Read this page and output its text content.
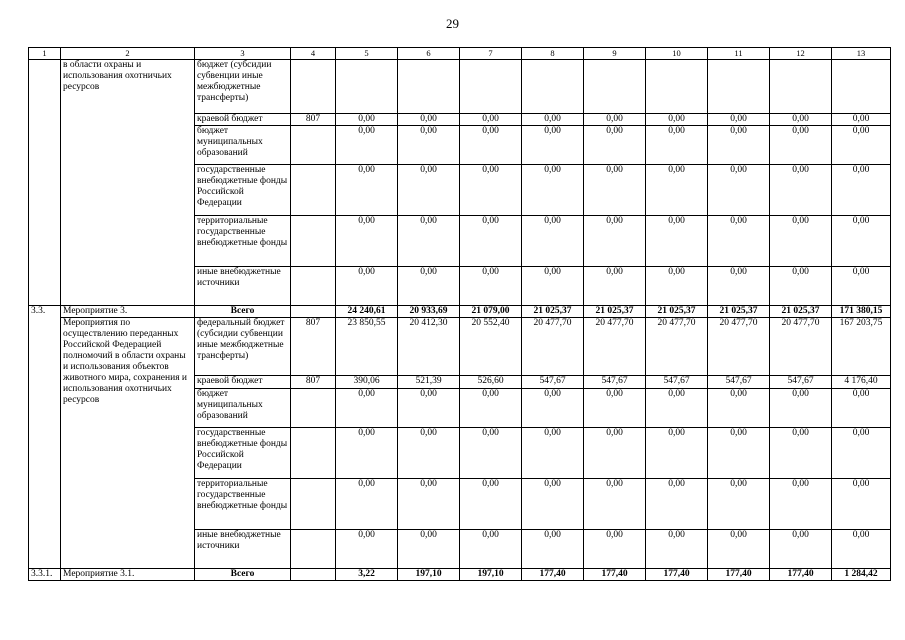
29
1	2	3	4	5	6	7	8	9	10	11	12	13

	в области охраны и использования охотничьих ресурсов	бюджет (субсидии субвенции иные межбюджетные трансферты)										
		краевой бюджет	807	0,00	0,00	0,00	0,00	0,00	0,00	0,00	0,00	0,00
		бюджет муниципальных образований		0,00	0,00	0,00	0,00	0,00	0,00	0,00	0,00	0,00
		государственные внебюджетные фонды Российской Федерации		0,00	0,00	0,00	0,00	0,00	0,00	0,00	0,00	0,00
		территориальные государственные внебюджетные фонды		0,00	0,00	0,00	0,00	0,00	0,00	0,00	0,00	0,00
		иные внебюджетные источники		0,00	0,00	0,00	0,00	0,00	0,00	0,00	0,00	0,00
3.3.	Мероприятие 3.	Всего		24 240,61	20 933,69	21 079,00	21 025,37	21 025,37	21 025,37	21 025,37	21 025,37	171 380,15
	Мероприятия по осуществлению переданных Российской Федерацией полномочий в области охраны и использования объектов животного мира, сохранения и использования охотничьих ресурсов	федеральный бюджет (субсидии субвенции иные межбюджетные трансферты)	807	23 850,55	20 412,30	20 552,40	20 477,70	20 477,70	20 477,70	20 477,70	20 477,70	167 203,75
		краевой бюджет	807	390,06	521,39	526,60	547,67	547,67	547,67	547,67	547,67	4 176,40
		бюджет муниципальных образований		0,00	0,00	0,00	0,00	0,00	0,00	0,00	0,00	0,00
		государственные внебюджетные фонды Российской Федерации		0,00	0,00	0,00	0,00	0,00	0,00	0,00	0,00	0,00
		территориальные государственные внебюджетные фонды		0,00	0,00	0,00	0,00	0,00	0,00	0,00	0,00	0,00
		иные внебюджетные источники		0,00	0,00	0,00	0,00	0,00	0,00	0,00	0,00	0,00
3.3.1.	Мероприятие 3.1.	Всего		3,22	197,10	197,10	177,40	177,40	177,40	177,40	177,40	1 284,42
